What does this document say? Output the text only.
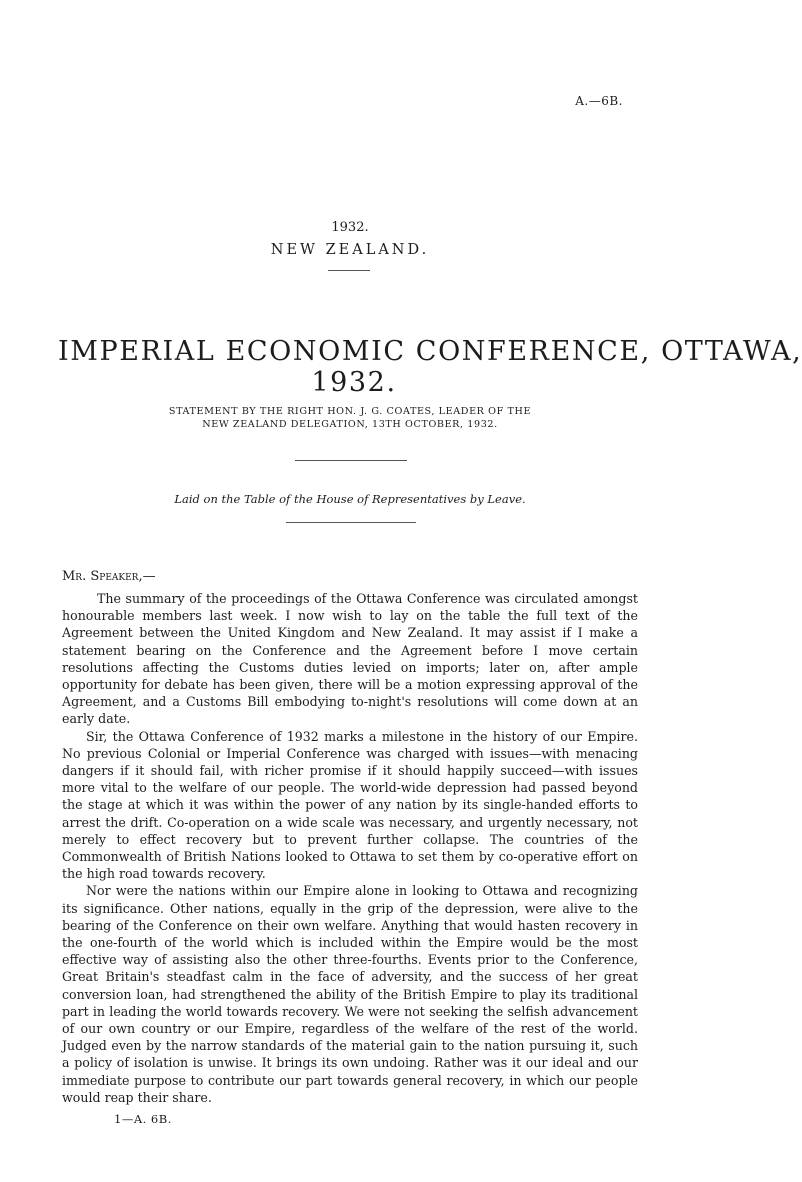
A.—6B.
1932.
NEW ZEALAND.
IMPERIAL ECONOMIC CONFERENCE, OTTAWA,
1932.
STATEMENT BY THE RIGHT HON. J. G. COATES, LEADER OF THE
NEW ZEALAND DELEGATION, 13TH OCTOBER, 1932.
Laid on the Table of the House of Representatives by Leave.
Mr. Speaker,—

The summary of the proceedings of the Ottawa Conference was circulated amongst honourable members last week. I now wish to lay on the table the full text of the Agreement between the United Kingdom and New Zealand. It may assist if I make a statement bearing on the Conference and the Agreement before I move certain resolutions affecting the Customs duties levied on imports; later on, after ample opportunity for debate has been given, there will be a motion expressing approval of the Agreement, and a Customs Bill embodying to-night's resolutions will come down at an early date.

Sir, the Ottawa Conference of 1932 marks a milestone in the history of our Empire. No previous Colonial or Imperial Conference was charged with issues—with menacing dangers if it should fail, with richer promise if it should happily succeed—with issues more vital to the welfare of our people. The world-wide depression had passed beyond the stage at which it was within the power of any nation by its single-handed efforts to arrest the drift. Co-operation on a wide scale was necessary, and urgently necessary, not merely to effect recovery but to prevent further collapse. The countries of the Commonwealth of British Nations looked to Ottawa to set them by co-operative effort on the high road towards recovery.

Nor were the nations within our Empire alone in looking to Ottawa and recognizing its significance. Other nations, equally in the grip of the depression, were alive to the bearing of the Conference on their own welfare. Anything that would hasten recovery in the one-fourth of the world which is included within the Empire would be the most effective way of assisting also the other three-fourths. Events prior to the Conference, Great Britain's steadfast calm in the face of adversity, and the success of her great conversion loan, had strengthened the ability of the British Empire to play its traditional part in leading the world towards recovery. We were not seeking the selfish advancement of our own country or our Empire, regardless of the welfare of the rest of the world. Judged even by the narrow standards of the material gain to the nation pursuing it, such a policy of isolation is unwise. It brings its own undoing. Rather was it our ideal and our immediate purpose to contribute our part towards general recovery, in which our people would reap their share.

1—A. 6B.
